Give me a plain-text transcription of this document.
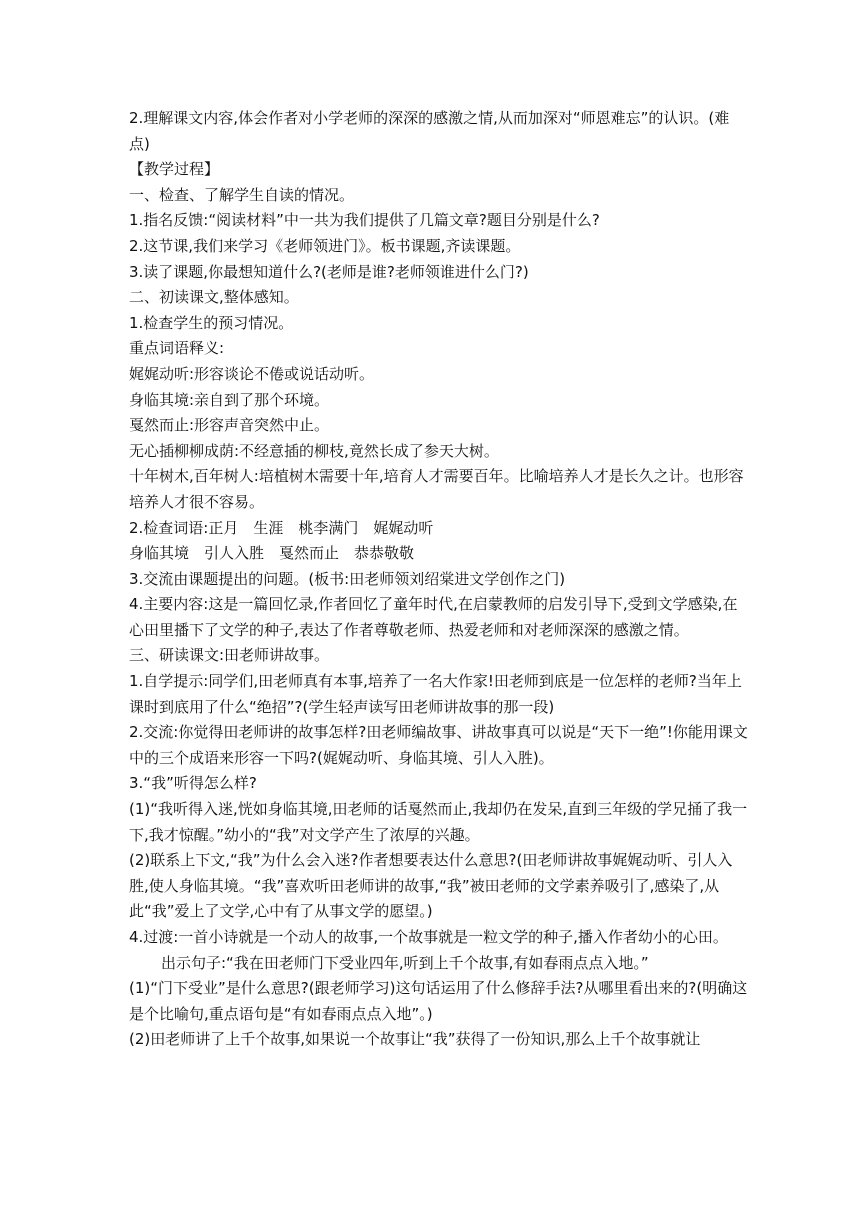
2.理解课文内容,体会作者对小学老师的深深的感激之情,从而加深对“师恩难忘”的认识。(难点)

【教学过程】

一、检查、了解学生自读的情况。

1.指名反馈:“阅读材料”中一共为我们提供了几篇文章?题目分别是什么?

2.这节课,我们来学习《老师领进门》。板书课题,齐读课题。

3.读了课题,你最想知道什么?(老师是谁?老师领谁进什么门?)

二、初读课文,整体感知。

1.检查学生的预习情况。

重点词语释义:

娓娓动听:形容谈论不倦或说话动听。

身临其境:亲自到了那个环境。

戛然而止:形容声音突然中止。

无心插柳柳成荫:不经意插的柳枝,竟然长成了参天大树。

十年树木,百年树人:培植树木需要十年,培育人才需要百年。比喻培养人才是长久之计。也形容培养人才很不容易。

2.检查词语:正月　生涯　桃李满门　娓娓动听

身临其境　引人入胜　戛然而止　恭恭敬敬

3.交流由课题提出的问题。(板书:田老师领刘绍棠进文学创作之门)

4.主要内容:这是一篇回忆录,作者回忆了童年时代,在启蒙教师的启发引导下,受到文学感染,在心田里播下了文学的种子,表达了作者尊敬老师、热爱老师和对老师深深的感激之情。

三、研读课文:田老师讲故事。

1.自学提示:同学们,田老师真有本事,培养了一名大作家!田老师到底是一位怎样的老师?当年上课时到底用了什么“绝招”?(学生轻声读写田老师讲故事的那一段)

2.交流:你觉得田老师讲的故事怎样?田老师编故事、讲故事真可以说是“天下一绝”!你能用课文中的三个成语来形容一下吗?(娓娓动听、身临其境、引人入胜)。

3.“我”听得怎么样?

(1)“我听得入迷,恍如身临其境,田老师的话戛然而止,我却仍在发呆,直到三年级的学兄捅了我一下,我才惊醒。”幼小的“我”对文学产生了浓厚的兴趣。

(2)联系上下文,“我”为什么会入迷?作者想要表达什么意思?(田老师讲故事娓娓动听、引人入胜,使人身临其境。“我”喜欢听田老师讲的故事,“我”被田老师的文学素养吸引了,感染了,从此“我”爱上了文学,心中有了从事文学的愿望。)

4.过渡:一首小诗就是一个动人的故事,一个故事就是一粒文学的种子,播入作者幼小的心田。

出示句子:“我在田老师门下受业四年,听到上千个故事,有如春雨点点入地。”

(1)“门下受业”是什么意思?(跟老师学习)这句话运用了什么修辞手法?从哪里看出来的?(明确这是个比喻句,重点语句是“有如春雨点点入地”。)

(2)田老师讲了上千个故事,如果说一个故事让“我”获得了一份知识,那么上千个故事就让
